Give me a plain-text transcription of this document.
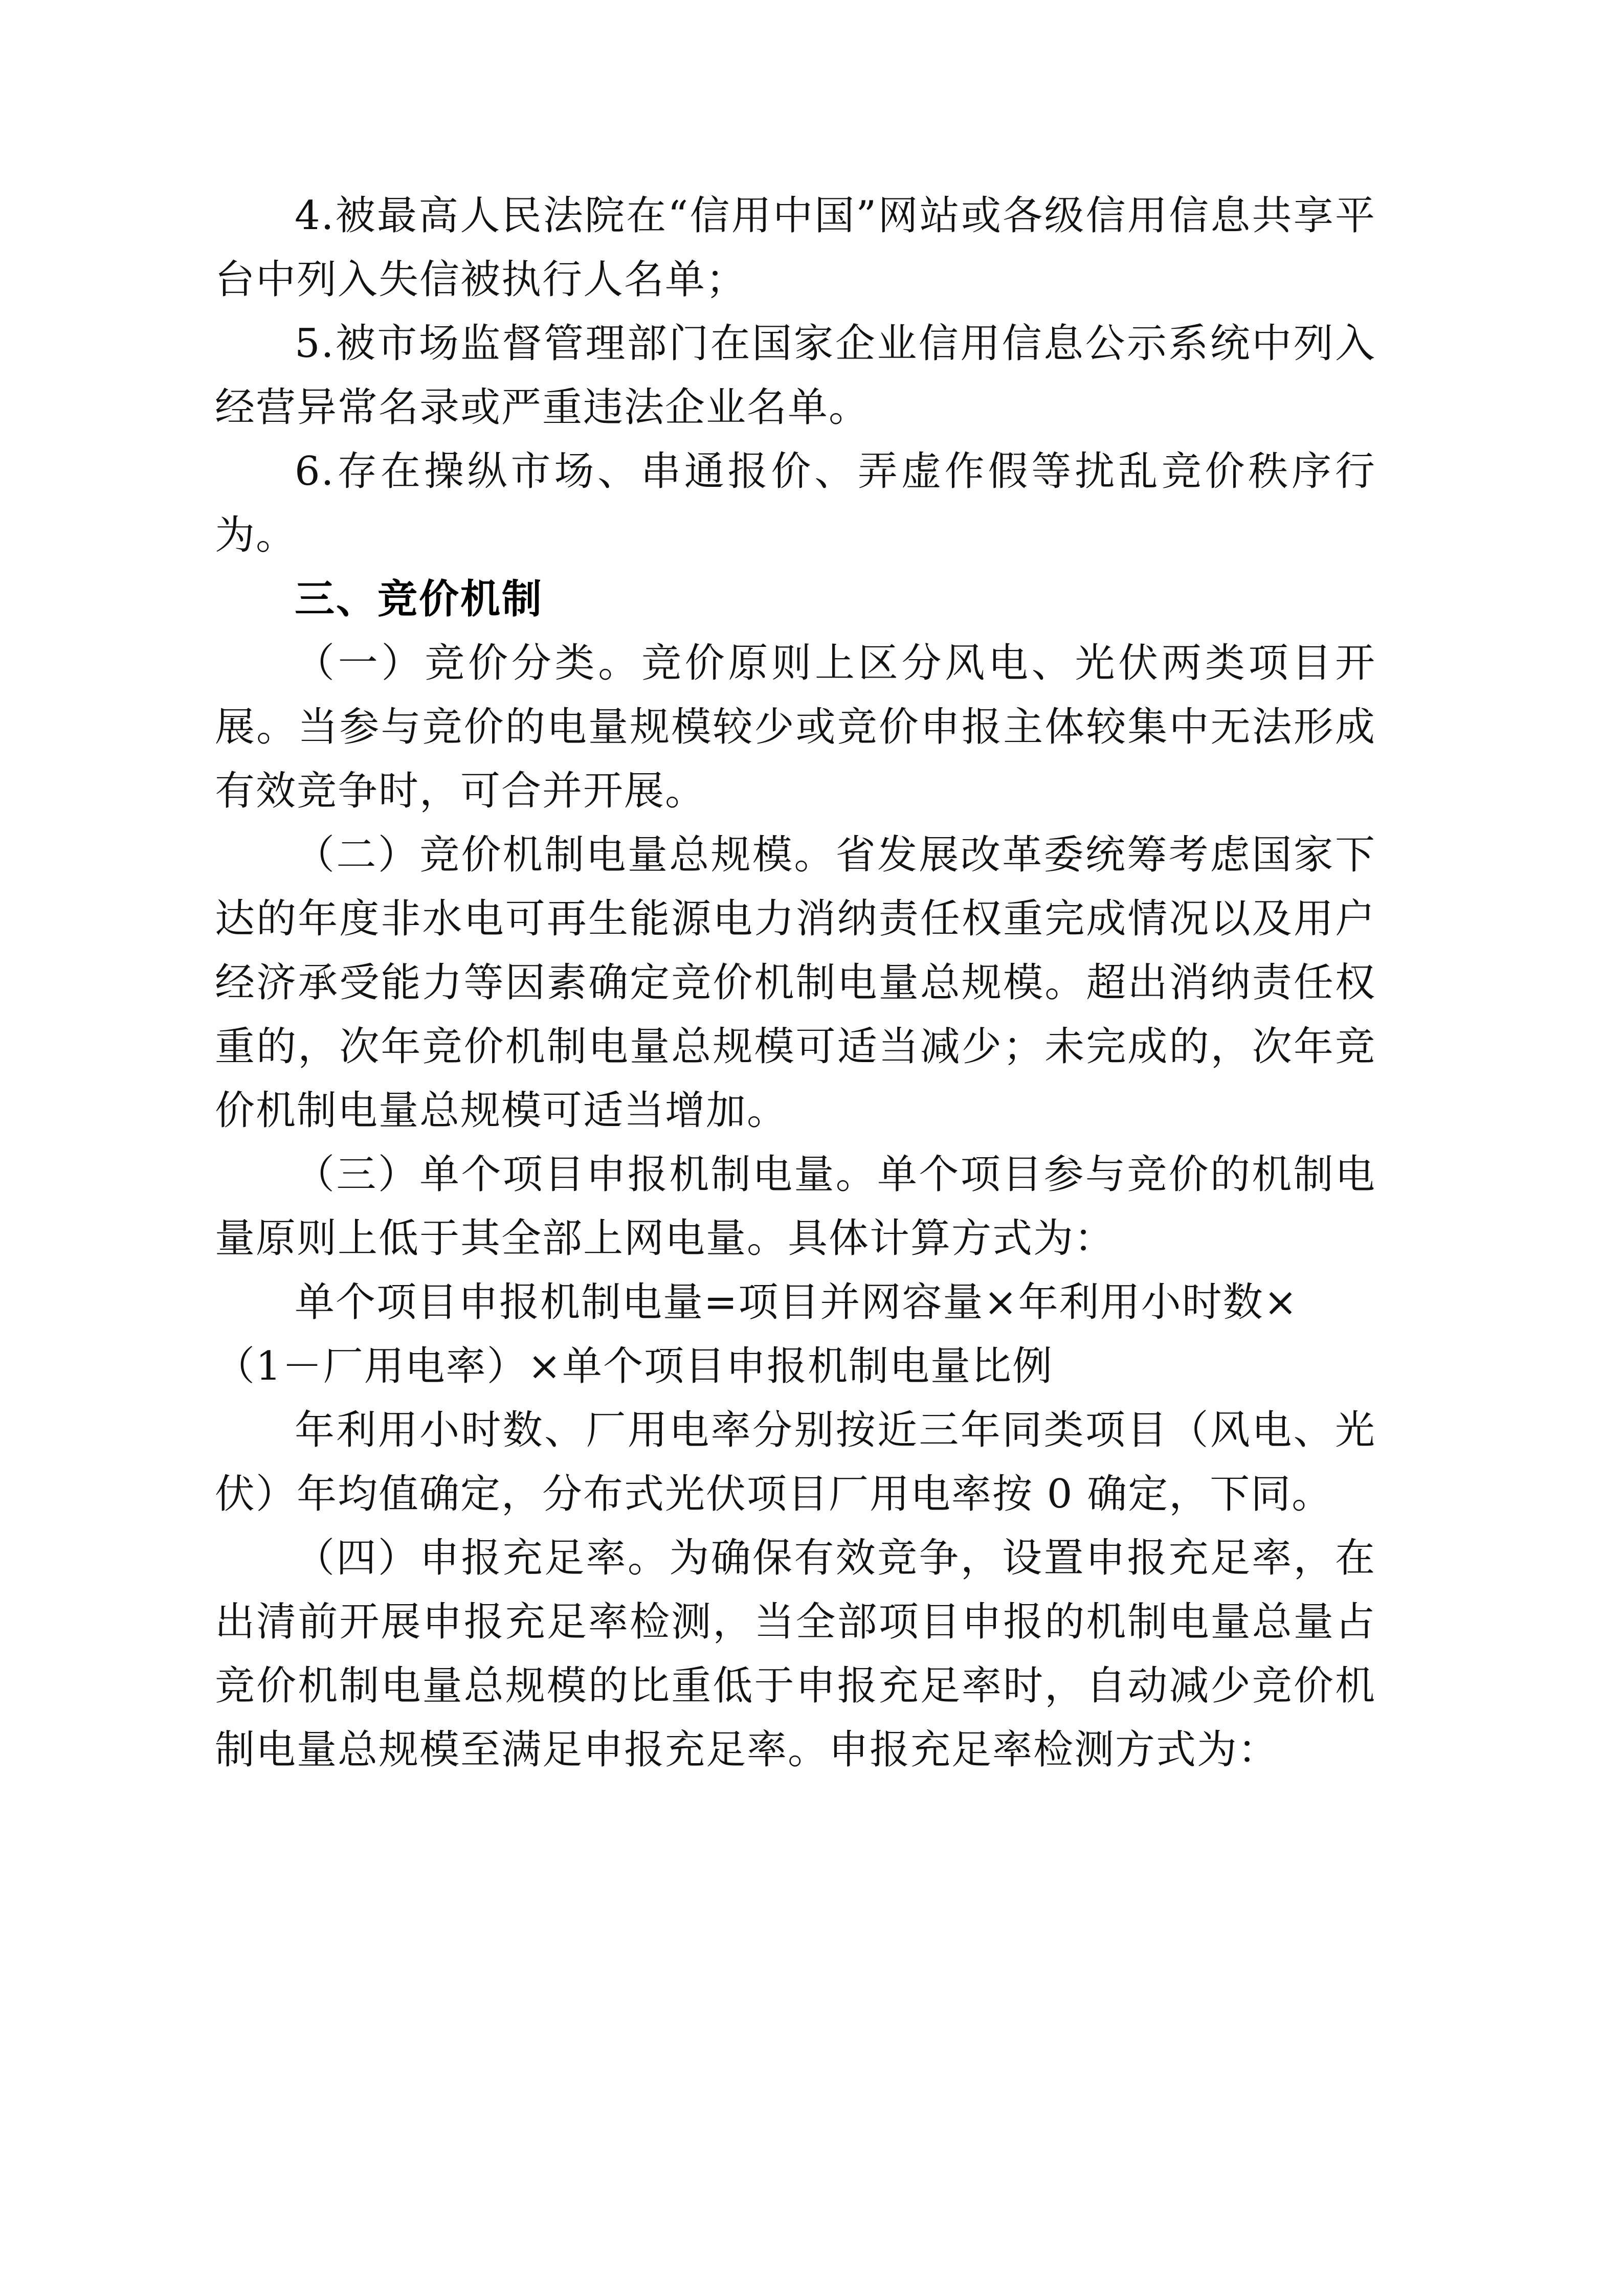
4.被最高人民法院在“信用中国”网站或各级信用信息共享平台中列入失信被执行人名单；

5.被市场监督管理部门在国家企业信用信息公示系统中列入经营异常名录或严重违法企业名单。

6.存在操纵市场、串通报价、弄虚作假等扰乱竞价秩序行为。

三、竞价机制

（一）竞价分类。竞价原则上区分风电、光伏两类项目开展。当参与竞价的电量规模较少或竞价申报主体较集中无法形成有效竞争时，可合并开展。

（二）竞价机制电量总规模。省发展改革委统筹考虑国家下达的年度非水电可再生能源电力消纳责任权重完成情况以及用户经济承受能力等因素确定竞价机制电量总规模。超出消纳责任权重的，次年竞价机制电量总规模可适当减少；未完成的，次年竞价机制电量总规模可适当增加。

（三）单个项目申报机制电量。单个项目参与竞价的机制电量原则上低于其全部上网电量。具体计算方式为：

单个项目申报机制电量=项目并网容量×年利用小时数×

（1－厂用电率）×单个项目申报机制电量比例

年利用小时数、厂用电率分别按近三年同类项目（风电、光伏）年均值确定，分布式光伏项目厂用电率按 0 确定，下同。

（四）申报充足率。为确保有效竞争，设置申报充足率，在出清前开展申报充足率检测，当全部项目申报的机制电量总量占竞价机制电量总规模的比重低于申报充足率时，自动减少竞价机制电量总规模至满足申报充足率。申报充足率检测方式为：
